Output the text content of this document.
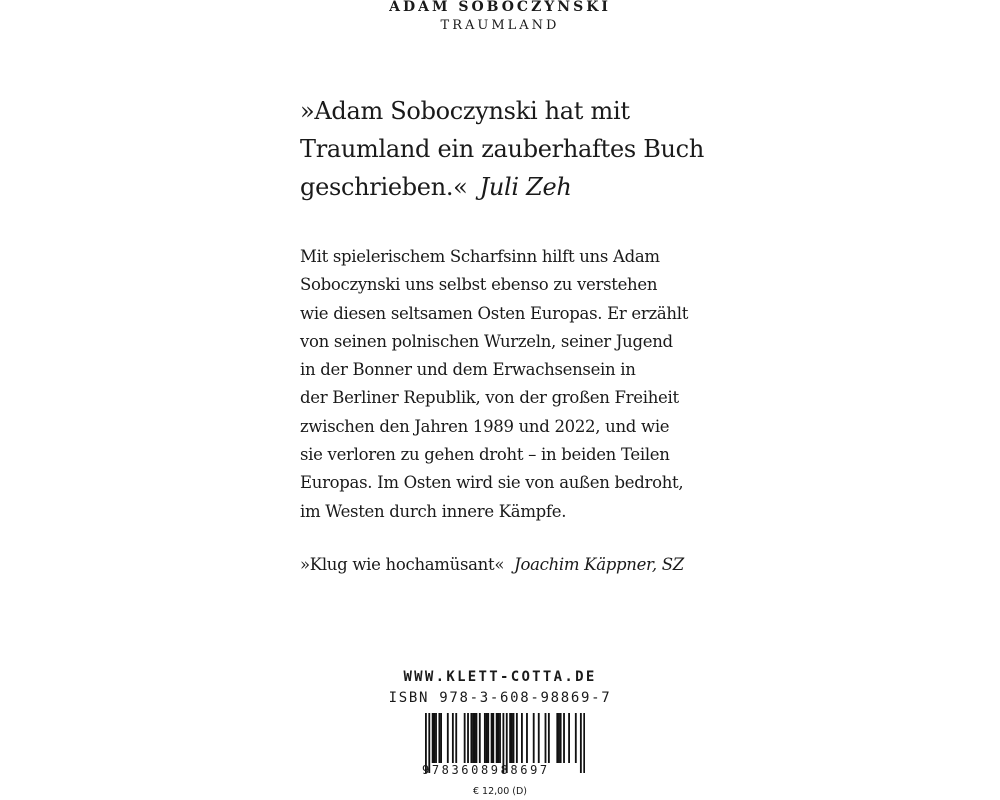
ADAM SOBOCZYNSKI
TRAUMLAND
»Adam Soboczynski hat mit
Traumland ein zauberhaftes Buch
geschrieben.« Juli Zeh
Mit spielerischem Scharfsinn hilft uns Adam
Soboczynski uns selbst ebenso zu verstehen
wie diesen seltsamen Osten Europas. Er erzählt
von seinen polnischen Wurzeln, seiner Jugend
in der Bonner und dem Erwachsensein in
der Berliner Republik, von der großen Freiheit
zwischen den Jahren 1989 und 2022, und wie
sie verloren zu gehen droht – in beiden Teilen
Europas. Im Osten wird sie von außen bedroht,
im Westen durch innere Kämpfe.
»Klug wie hochamüsant« Joachim Käppner, SZ
WWW.KLETT-COTTA.DE
ISBN 978-3-608-98869-7
9783608988697
€ 12,00 (D)
